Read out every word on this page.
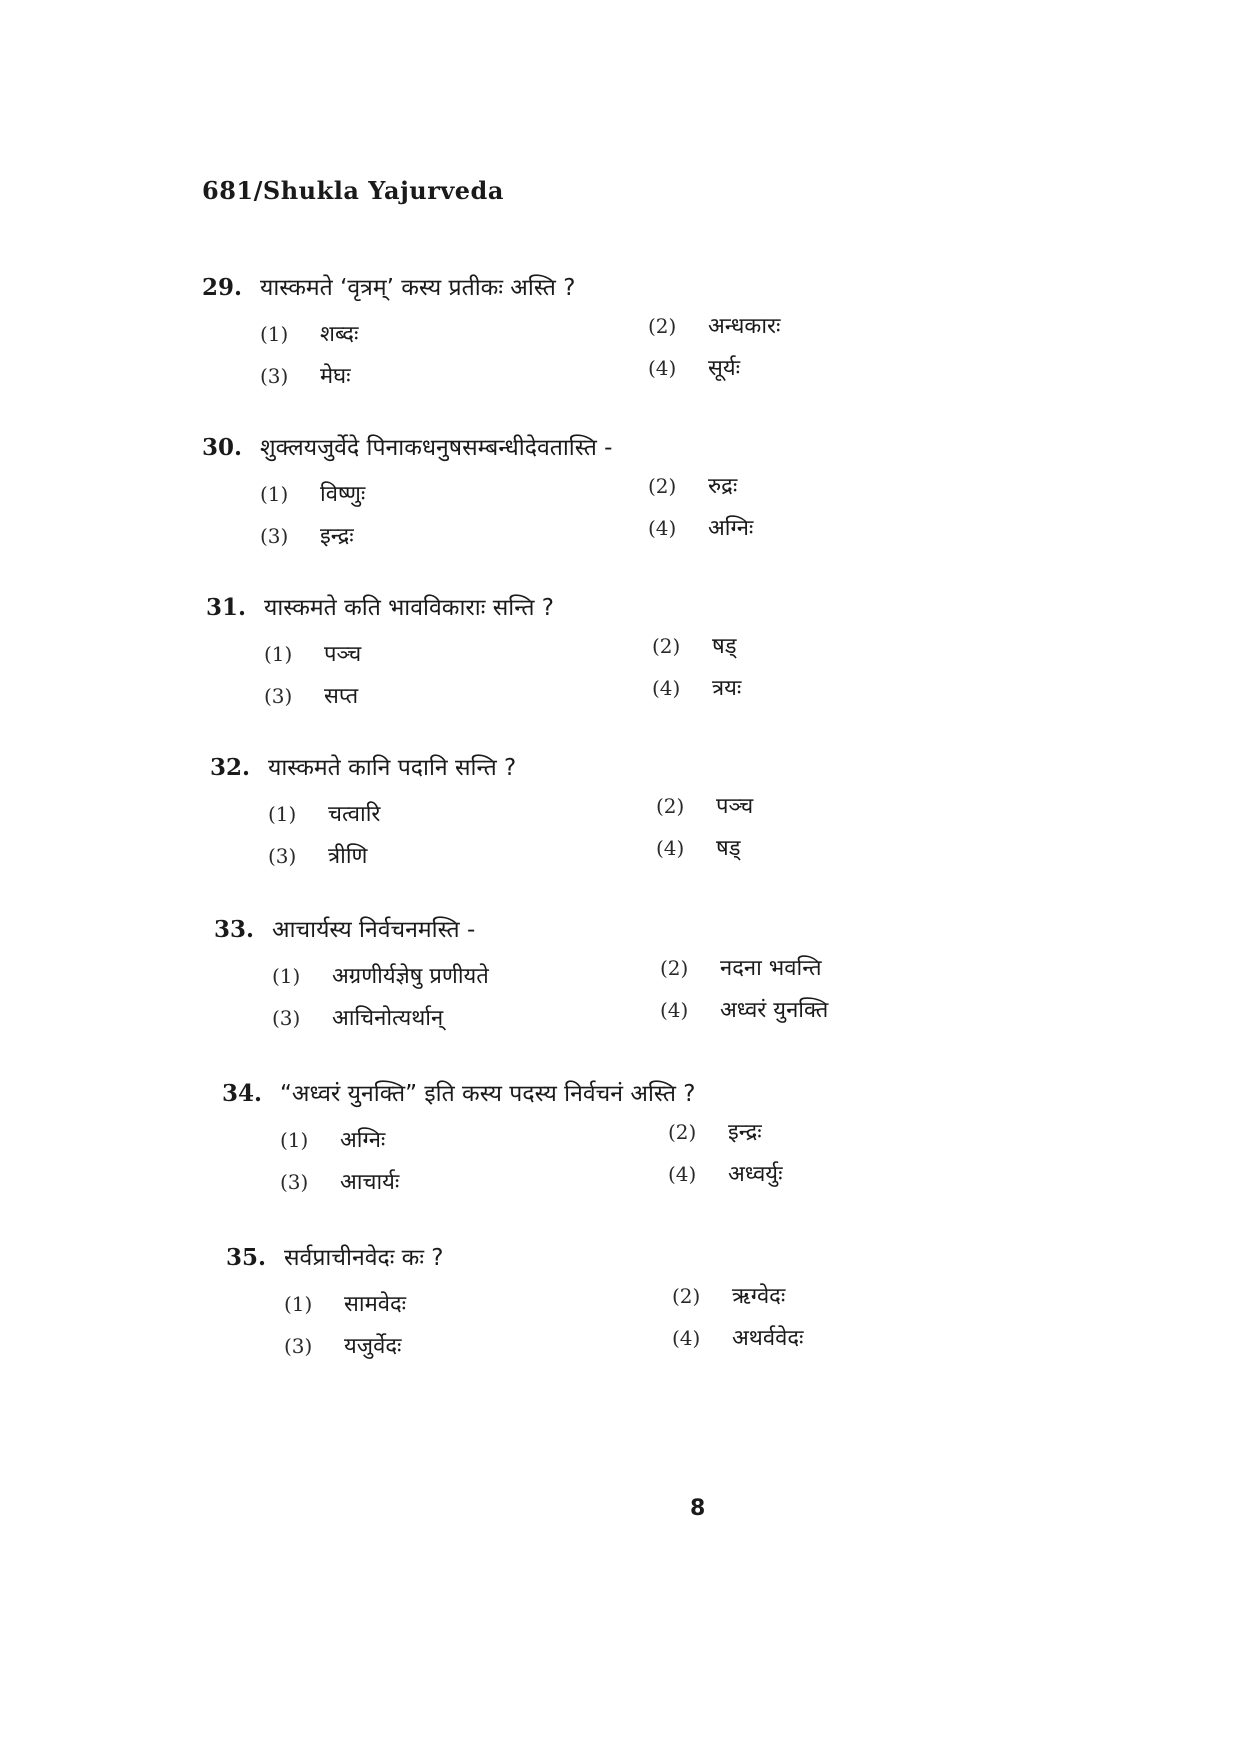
681/Shukla Yajurveda
29. यास्कमते ‘वृत्रम्’ कस्य प्रतीकः अस्ति ?
(1)	शब्दः	(2)	अन्धकारः
(3)	मेघः	(4)	सूर्यः
30. शुक्लयजुर्वेदे पिनाकधनुषसम्बन्धीदेवतास्ति -
(1)	विष्णुः	(2)	रुद्रः
(3)	इन्द्रः	(4)	अग्निः
31. यास्कमते कति भावविकाराः सन्ति ?
(1)	पञ्च	(2)	षड्
(3)	सप्त	(4)	त्रयः
32. यास्कमते कानि पदानि सन्ति ?
(1)	चत्वारि	(2)	पञ्च
(3)	त्रीणि	(4)	षड्
33. आचार्यस्य निर्वचनमस्ति -
(1)	अग्रणीर्यज्ञेषु प्रणीयते	(2)	नदना भवन्ति
(3)	आचिनोत्यर्थान्	(4)	अध्वरं युनक्ति
34. “अध्वरं युनक्ति” इति कस्य पदस्य निर्वचनं अस्ति ?
(1)	अग्निः	(2)	इन्द्रः
(3)	आचार्यः	(4)	अध्वर्युः
35. सर्वप्राचीनवेदः कः ?
(1)	सामवेदः	(2)	ऋग्वेदः
(3)	यजुर्वेदः	(4)	अथर्ववेदः
8
